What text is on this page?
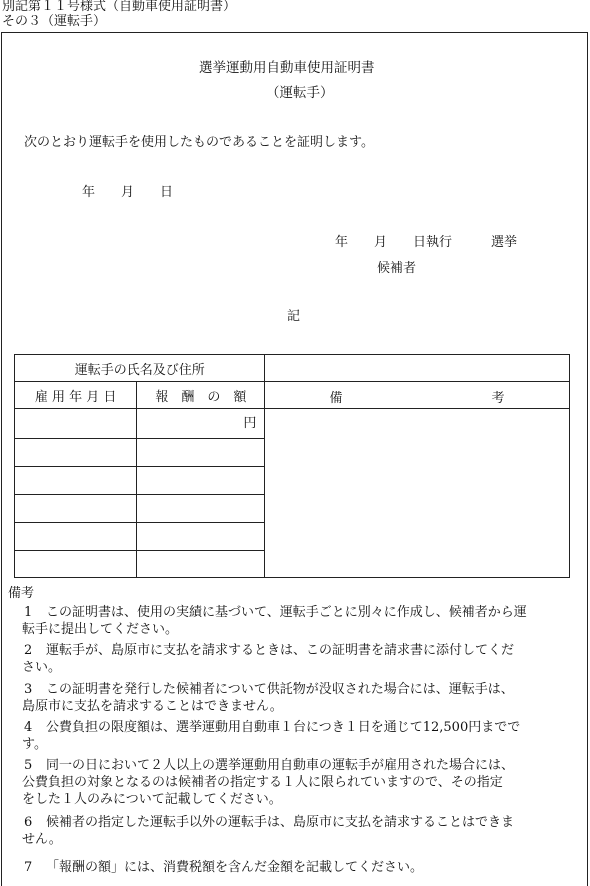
別記第１１号様式（自動車使用証明書）
その３（運転手）
選挙運動用自動車使用証明書
（運転手）
次のとおり運転手を使用したものであることを証明します。
年　　月　　日
年　　月　　日執行　　　選挙
候補者
記
運転手の氏名及び住所		
雇 用 年 月 日	報　酬　の　額	備 考

	円	

備考
1 この証明書は、使用の実績に基づいて、運転手ごとに別々に作成し、候補者から運
転手に提出してください。
2 運転手が、島原市に支払を請求するときは、この証明書を請求書に添付してくだ
さい。
3 この証明書を発行した候補者について供託物が没収された場合には、運転手は、
島原市に支払を請求することはできません。
4 公費負担の限度額は、選挙運動用自動車１台につき１日を通じて12,500円までで
す。
5 同一の日において２人以上の選挙運動用自動車の運転手が雇用された場合には、
公費負担の対象となるのは候補者の指定する１人に限られていますので、その指定
をした１人のみについて記載してください。
6 候補者の指定した運転手以外の運転手は、島原市に支払を請求することはできま
せん。
7 「報酬の額」には、消費税額を含んだ金額を記載してください。
